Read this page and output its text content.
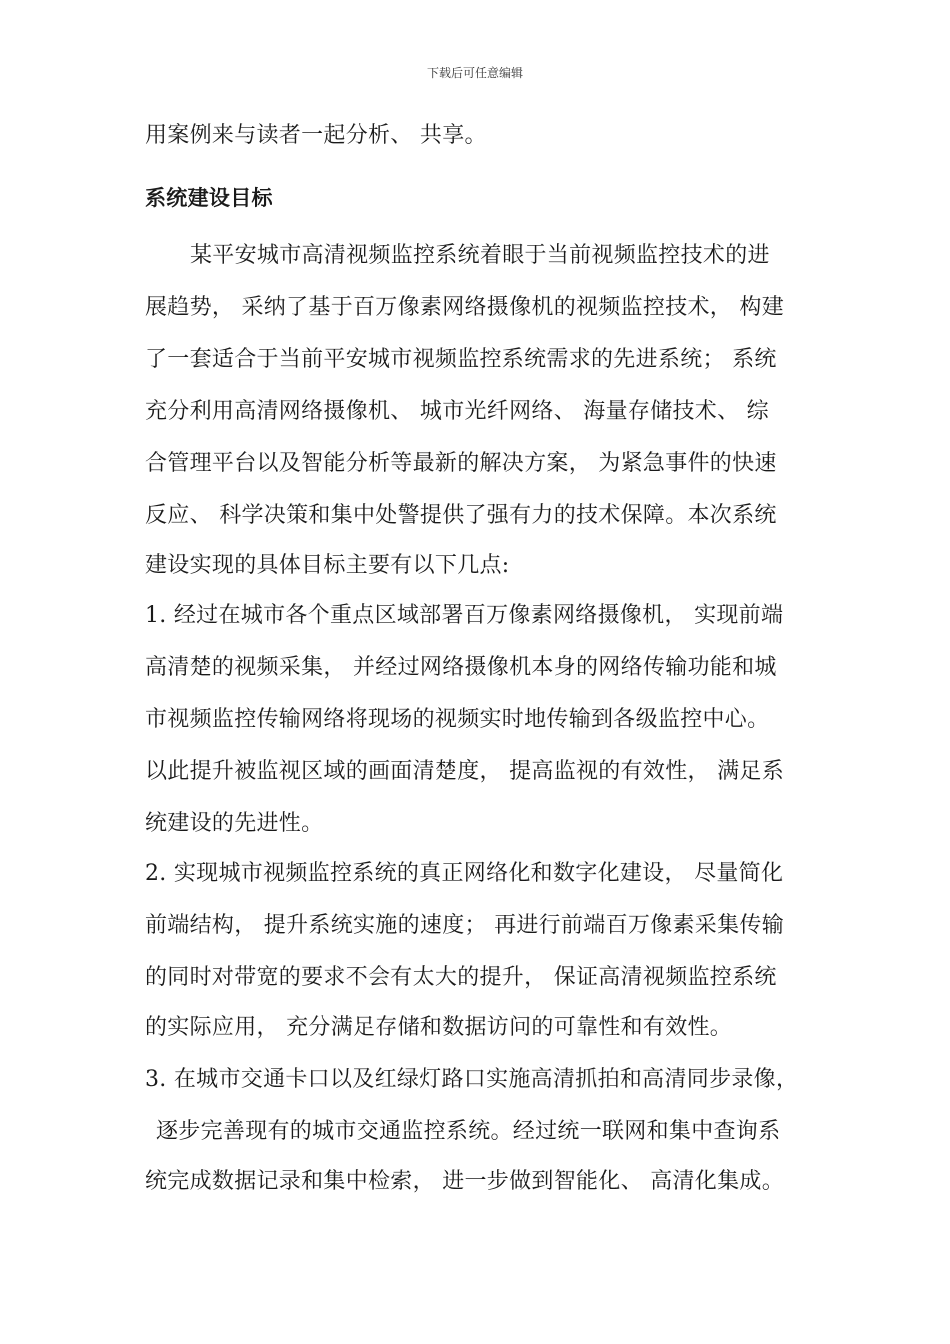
下载后可任意编辑
用案例来与读者一起分析、 共享。
系统建设目标
某平安城市高清视频监控系统着眼于当前视频监控技术的进
展趋势， 采纳了基于百万像素网络摄像机的视频监控技术， 构建
了一套适合于当前平安城市视频监控系统需求的先进系统； 系统
充分利用高清网络摄像机、 城市光纤网络、 海量存储技术、 综
合管理平台以及智能分析等最新的解决方案， 为紧急事件的快速
反应、 科学决策和集中处警提供了强有力的技术保障。本次系统
建设实现的具体目标主要有以下几点:
1. 经过在城市各个重点区域部署百万像素网络摄像机， 实现前端
高清楚的视频采集， 并经过网络摄像机本身的网络传输功能和城
市视频监控传输网络将现场的视频实时地传输到各级监控中心。
以此提升被监视区域的画面清楚度， 提高监视的有效性， 满足系
统建设的先进性。
2. 实现城市视频监控系统的真正网络化和数字化建设， 尽量简化
前端结构， 提升系统实施的速度； 再进行前端百万像素采集传输
的同时对带宽的要求不会有太大的提升， 保证高清视频监控系统
的实际应用， 充分满足存储和数据访问的可靠性和有效性。
3. 在城市交通卡口以及红绿灯路口实施高清抓拍和高清同步录像，
逐步完善现有的城市交通监控系统。经过统一联网和集中查询系
统完成数据记录和集中检索， 进一步做到智能化、 高清化集成。
